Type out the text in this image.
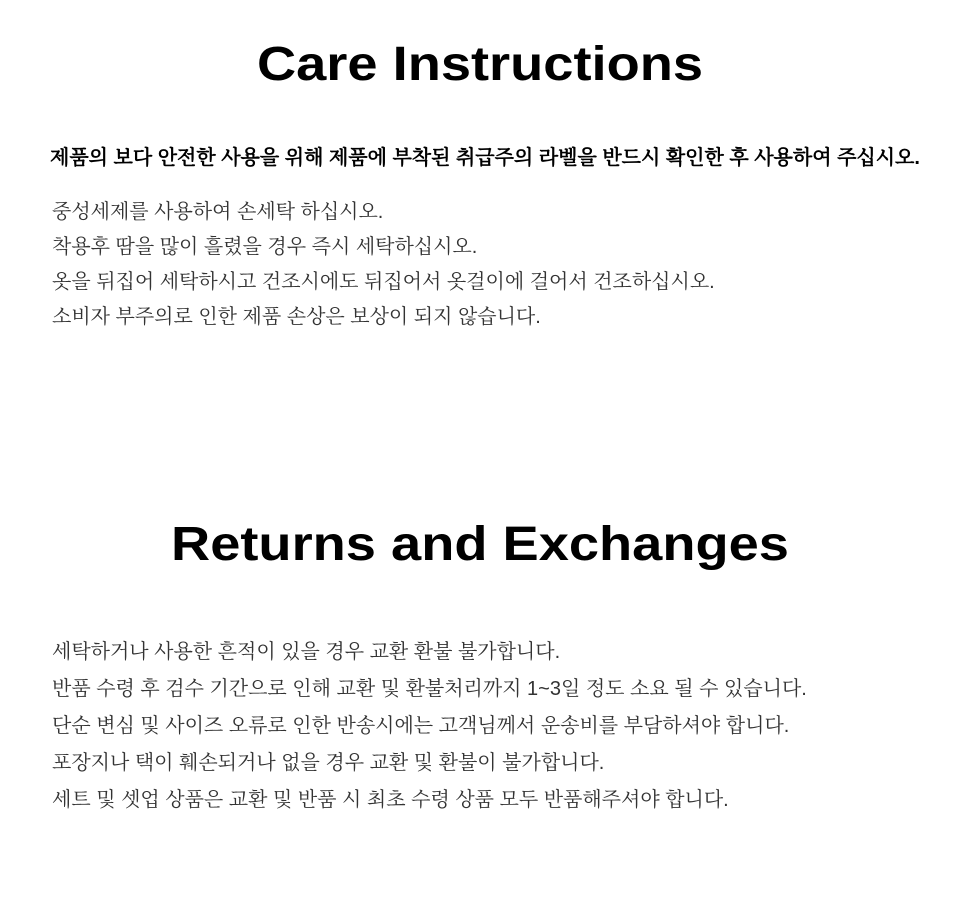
Care Instructions

제품의 보다 안전한 사용을 위해 제품에 부착된 취급주의 라벨을 반드시 확인한 후 사용하여 주십시오.

중성세제를 사용하여 손세탁 하십시오.

착용후 땀을 많이 흘렸을 경우 즉시 세탁하십시오.

옷을 뒤집어 세탁하시고 건조시에도 뒤집어서 옷걸이에 걸어서 건조하십시오.

소비자 부주의로 인한 제품 손상은 보상이 되지 않습니다.

Returns and Exchanges

세탁하거나 사용한 흔적이 있을 경우 교환 환불 불가합니다.

반품 수령 후 검수 기간으로 인해 교환 및 환불처리까지 1~3일 정도 소요 될 수 있습니다.

단순 변심 및 사이즈 오류로 인한 반송시에는 고객님께서 운송비를 부담하셔야 합니다.

포장지나 택이 훼손되거나 없을 경우 교환 및 환불이 불가합니다.

세트 및 셋업 상품은 교환 및 반품 시 최초 수령 상품 모두 반품해주셔야 합니다.
